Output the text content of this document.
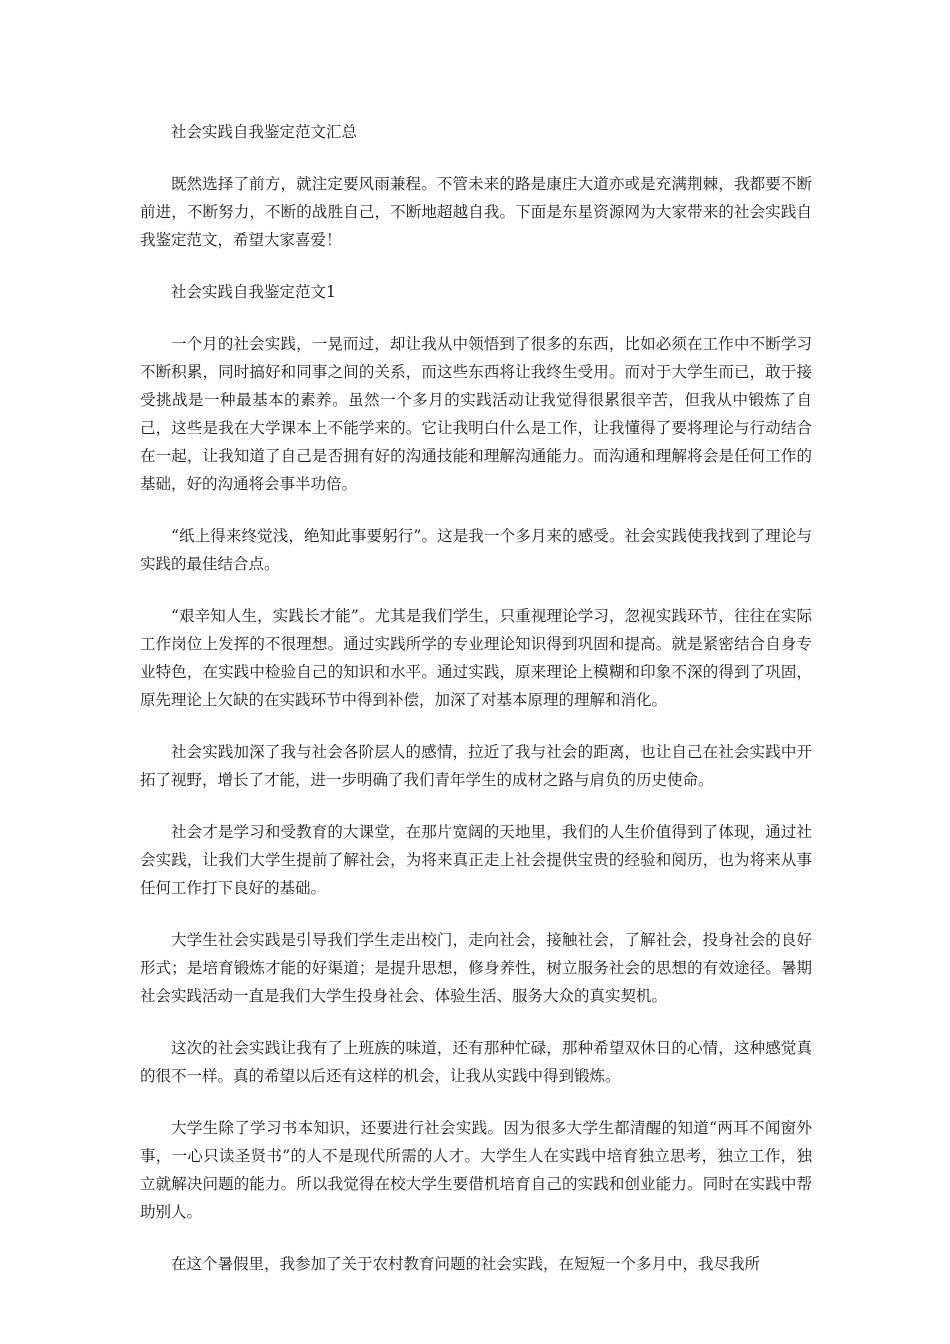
社会实践自我鉴定范文汇总

既然选择了前方，就注定要风雨兼程。不管未来的路是康庄大道亦或是充满荆棘，我都要不断前进，不断努力，不断的战胜自己，不断地超越自我。下面是东星资源网为大家带来的社会实践自我鉴定范文，希望大家喜爱！

社会实践自我鉴定范文1

一个月的社会实践，一晃而过，却让我从中领悟到了很多的东西，比如必须在工作中不断学习不断积累，同时搞好和同事之间的关系，而这些东西将让我终生受用。而对于大学生而已，敢于接受挑战是一种最基本的素养。虽然一个多月的实践活动让我觉得很累很辛苦，但我从中锻炼了自己，这些是我在大学课本上不能学来的。它让我明白什么是工作，让我懂得了要将理论与行动结合在一起，让我知道了自己是否拥有好的沟通技能和理解沟通能力。而沟通和理解将会是任何工作的基础，好的沟通将会事半功倍。

“纸上得来终觉浅，绝知此事要躬行”。这是我一个多月来的感受。社会实践使我找到了理论与实践的最佳结合点。

“艰辛知人生，实践长才能”。尤其是我们学生，只重视理论学习，忽视实践环节，往往在实际工作岗位上发挥的不很理想。通过实践所学的专业理论知识得到巩固和提高。就是紧密结合自身专业特色，在实践中检验自己的知识和水平。通过实践，原来理论上模糊和印象不深的得到了巩固，原先理论上欠缺的在实践环节中得到补偿，加深了对基本原理的理解和消化。

社会实践加深了我与社会各阶层人的感情，拉近了我与社会的距离，也让自己在社会实践中开拓了视野，增长了才能，进一步明确了我们青年学生的成材之路与肩负的历史使命。

社会才是学习和受教育的大课堂，在那片宽阔的天地里，我们的人生价值得到了体现，通过社会实践，让我们大学生提前了解社会，为将来真正走上社会提供宝贵的经验和阅历，也为将来从事任何工作打下良好的基础。

大学生社会实践是引导我们学生走出校门，走向社会，接触社会，了解社会，投身社会的良好形式；是培育锻炼才能的好渠道；是提升思想，修身养性，树立服务社会的思想的有效途径。暑期社会实践活动一直是我们大学生投身社会、体验生活、服务大众的真实契机。

这次的社会实践让我有了上班族的味道，还有那种忙碌，那种希望双休日的心情，这种感觉真的很不一样。真的希望以后还有这样的机会，让我从实践中得到锻炼。

大学生除了学习书本知识，还要进行社会实践。因为很多大学生都清醒的知道“两耳不闻窗外事，一心只读圣贤书”的人不是现代所需的人才。大学生人在实践中培育独立思考，独立工作，独立就解决问题的能力。所以我觉得在校大学生要借机培育自己的实践和创业能力。同时在实践中帮助别人。

在这个暑假里，我参加了关于农村教育问题的社会实践，在短短一个多月中，我尽我所
